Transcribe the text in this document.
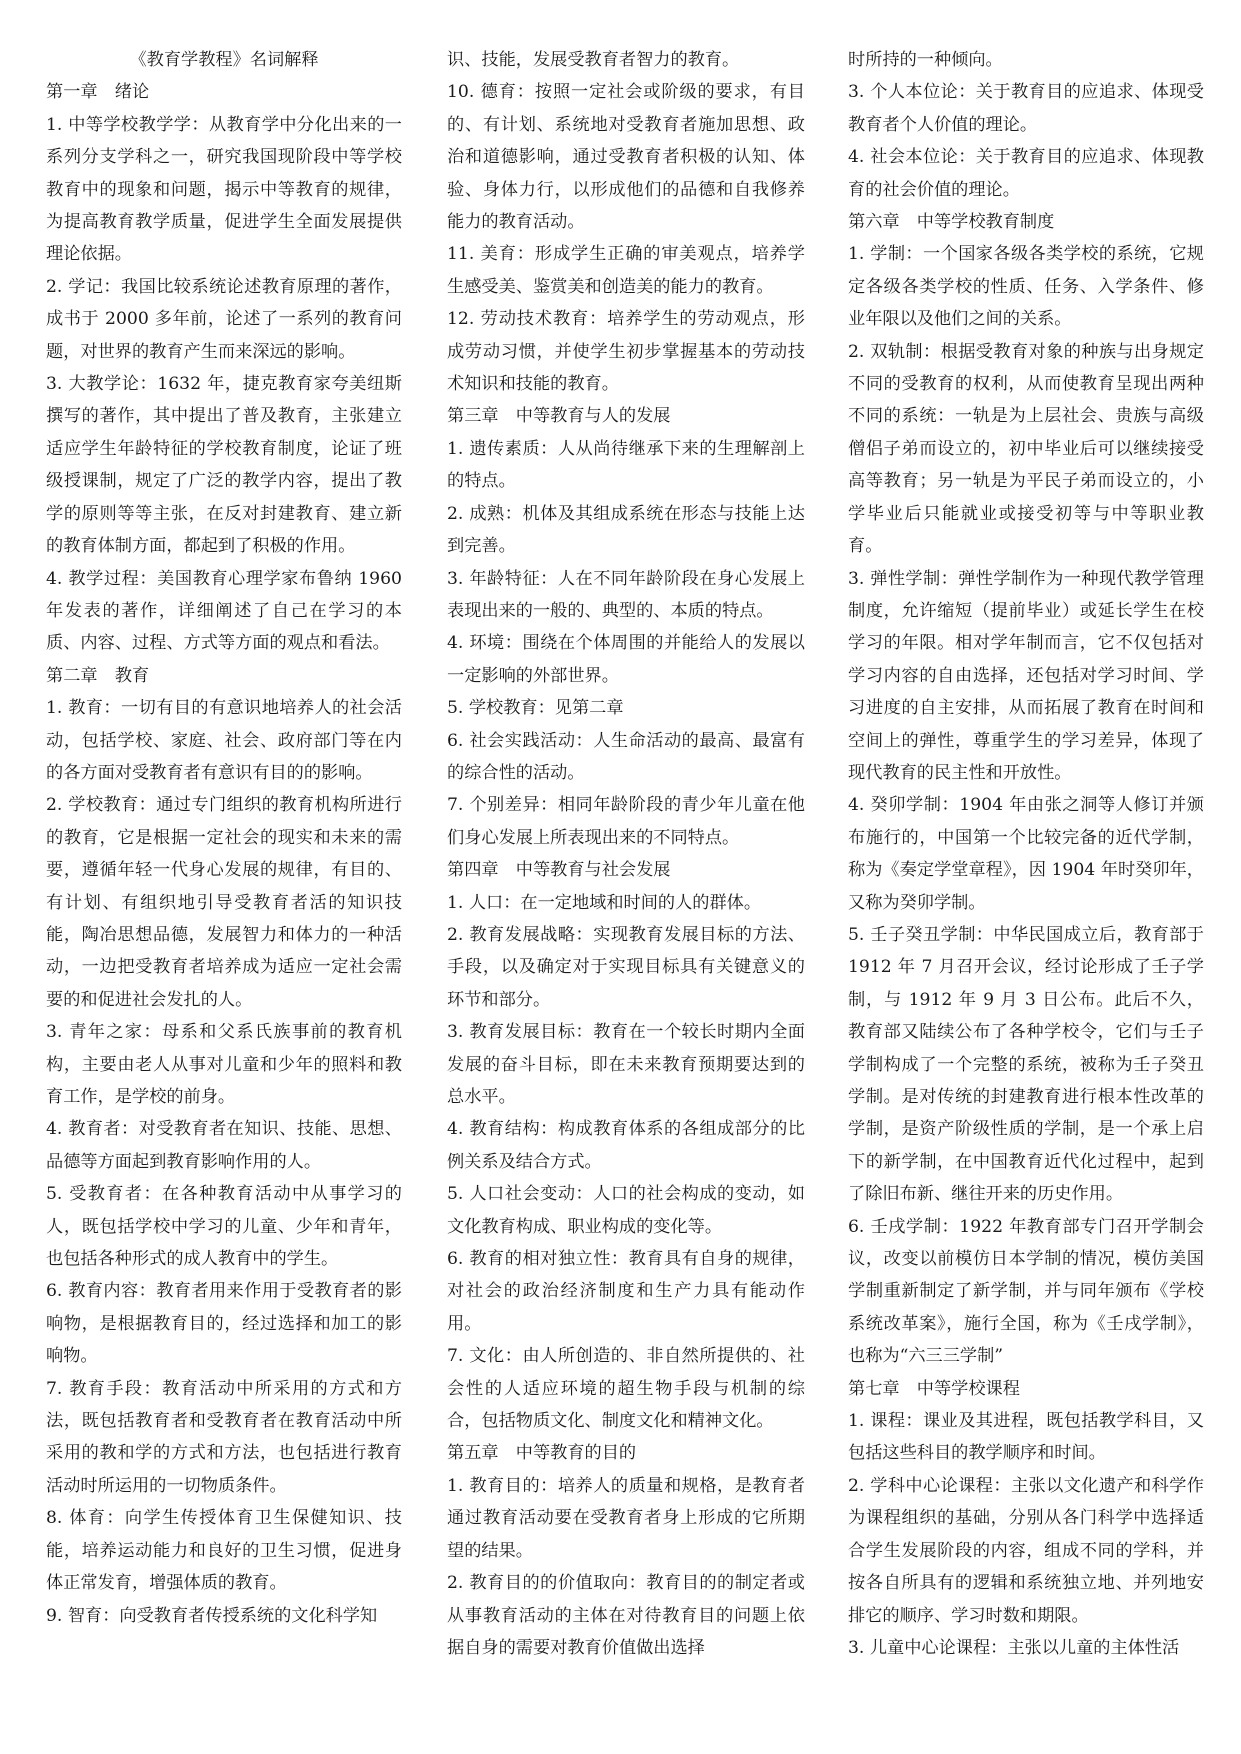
《教育学教程》名词解释

第一章　绪论

1. 中等学校教学学：从教育学中分化出来的一系列分支学科之一，研究我国现阶段中等学校教育中的现象和问题，揭示中等教育的规律，为提高教育教学质量，促进学生全面发展提供理论依据。

2. 学记：我国比较系统论述教育原理的著作，成书于 2000 多年前，论述了一系列的教育问题，对世界的教育产生而来深远的影响。

3. 大教学论：1632 年，捷克教育家夸美纽斯撰写的著作，其中提出了普及教育，主张建立适应学生年龄特征的学校教育制度，论证了班级授课制，规定了广泛的教学内容，提出了教学的原则等等主张，在反对封建教育、建立新的教育体制方面，都起到了积极的作用。

4. 教学过程：美国教育心理学家布鲁纳 1960 年发表的著作，详细阐述了自己在学习的本质、内容、过程、方式等方面的观点和看法。

第二章　教育

1. 教育：一切有目的有意识地培养人的社会活动，包括学校、家庭、社会、政府部门等在内的各方面对受教育者有意识有目的的影响。

2. 学校教育：通过专门组织的教育机构所进行的教育，它是根据一定社会的现实和未来的需要，遵循年轻一代身心发展的规律，有目的、有计划、有组织地引导受教育者活的知识技能，陶冶思想品德，发展智力和体力的一种活动，一边把受教育者培养成为适应一定社会需要的和促进社会发扎的人。

3. 青年之家：母系和父系氏族事前的教育机构，主要由老人从事对儿童和少年的照料和教育工作，是学校的前身。

4. 教育者：对受教育者在知识、技能、思想、品德等方面起到教育影响作用的人。

5. 受教育者：在各种教育活动中从事学习的人，既包括学校中学习的儿童、少年和青年，也包括各种形式的成人教育中的学生。

6. 教育内容：教育者用来作用于受教育者的影响物，是根据教育目的，经过选择和加工的影响物。

7. 教育手段：教育活动中所采用的方式和方法，既包括教育者和受教育者在教育活动中所采用的教和学的方式和方法，也包括进行教育活动时所运用的一切物质条件。

8. 体育：向学生传授体育卫生保健知识、技能，培养运动能力和良好的卫生习惯，促进身体正常发育，增强体质的教育。

9. 智育：向受教育者传授系统的文化科学知

识、技能，发展受教育者智力的教育。

10. 德育：按照一定社会或阶级的要求，有目的、有计划、系统地对受教育者施加思想、政治和道德影响，通过受教育者积极的认知、体验、身体力行，以形成他们的品德和自我修养能力的教育活动。

11. 美育：形成学生正确的审美观点，培养学生感受美、鉴赏美和创造美的能力的教育。

12. 劳动技术教育：培养学生的劳动观点，形成劳动习惯，并使学生初步掌握基本的劳动技术知识和技能的教育。

第三章　中等教育与人的发展

1. 遗传素质：人从尚待继承下来的生理解剖上的特点。

2. 成熟：机体及其组成系统在形态与技能上达到完善。

3. 年龄特征：人在不同年龄阶段在身心发展上表现出来的一般的、典型的、本质的特点。

4. 环境：围绕在个体周围的并能给人的发展以一定影响的外部世界。

5. 学校教育：见第二章

6. 社会实践活动：人生命活动的最高、最富有的综合性的活动。

7. 个别差异：相同年龄阶段的青少年儿童在他们身心发展上所表现出来的不同特点。

第四章　中等教育与社会发展

1. 人口：在一定地域和时间的人的群体。

2. 教育发展战略：实现教育发展目标的方法、手段，以及确定对于实现目标具有关键意义的环节和部分。

3. 教育发展目标：教育在一个较长时期内全面发展的奋斗目标，即在未来教育预期要达到的总水平。

4. 教育结构：构成教育体系的各组成部分的比例关系及结合方式。

5. 人口社会变动：人口的社会构成的变动，如文化教育构成、职业构成的变化等。

6. 教育的相对独立性：教育具有自身的规律，对社会的政治经济制度和生产力具有能动作用。

7. 文化：由人所创造的、非自然所提供的、社会性的人适应环境的超生物手段与机制的综合，包括物质文化、制度文化和精神文化。

第五章　中等教育的目的

1. 教育目的：培养人的质量和规格，是教育者通过教育活动要在受教育者身上形成的它所期望的结果。

2. 教育目的的价值取向：教育目的的制定者或从事教育活动的主体在对待教育目的问题上依据自身的需要对教育价值做出选择

时所持的一种倾向。

3. 个人本位论：关于教育目的应追求、体现受教育者个人价值的理论。

4. 社会本位论：关于教育目的应追求、体现教育的社会价值的理论。

第六章　中等学校教育制度

1. 学制：一个国家各级各类学校的系统，它规定各级各类学校的性质、任务、入学条件、修业年限以及他们之间的关系。

2. 双轨制：根据受教育对象的种族与出身规定不同的受教育的权利，从而使教育呈现出两种不同的系统：一轨是为上层社会、贵族与高级僧侣子弟而设立的，初中毕业后可以继续接受高等教育；另一轨是为平民子弟而设立的，小学毕业后只能就业或接受初等与中等职业教育。

3. 弹性学制：弹性学制作为一种现代教学管理制度，允许缩短（提前毕业）或延长学生在校学习的年限。相对学年制而言，它不仅包括对学习内容的自由选择，还包括对学习时间、学习进度的自主安排，从而拓展了教育在时间和空间上的弹性，尊重学生的学习差异，体现了现代教育的民主性和开放性。

4. 癸卯学制：1904 年由张之洞等人修订并颁布施行的，中国第一个比较完备的近代学制，称为《奏定学堂章程》，因 1904 年时癸卯年，又称为癸卯学制。

5. 壬子癸丑学制：中华民国成立后，教育部于 1912 年 7 月召开会议，经讨论形成了壬子学制，与 1912 年 9 月 3 日公布。此后不久，教育部又陆续公布了各种学校令，它们与壬子学制构成了一个完整的系统，被称为壬子癸丑学制。是对传统的封建教育进行根本性改革的学制，是资产阶级性质的学制，是一个承上启下的新学制，在中国教育近代化过程中，起到了除旧布新、继往开来的历史作用。

6. 壬戌学制：1922 年教育部专门召开学制会议，改变以前模仿日本学制的情况，模仿美国学制重新制定了新学制，并与同年颁布《学校系统改革案》，施行全国，称为《壬戌学制》，也称为“六三三学制”

第七章　中等学校课程

1. 课程：课业及其进程，既包括教学科目，又包括这些科目的教学顺序和时间。

2. 学科中心论课程：主张以文化遗产和科学作为课程组织的基础，分别从各门科学中选择适合学生发展阶段的内容，组成不同的学科，并按各自所具有的逻辑和系统独立地、并列地安排它的顺序、学习时数和期限。

3. 儿童中心论课程：主张以儿童的主体性活
